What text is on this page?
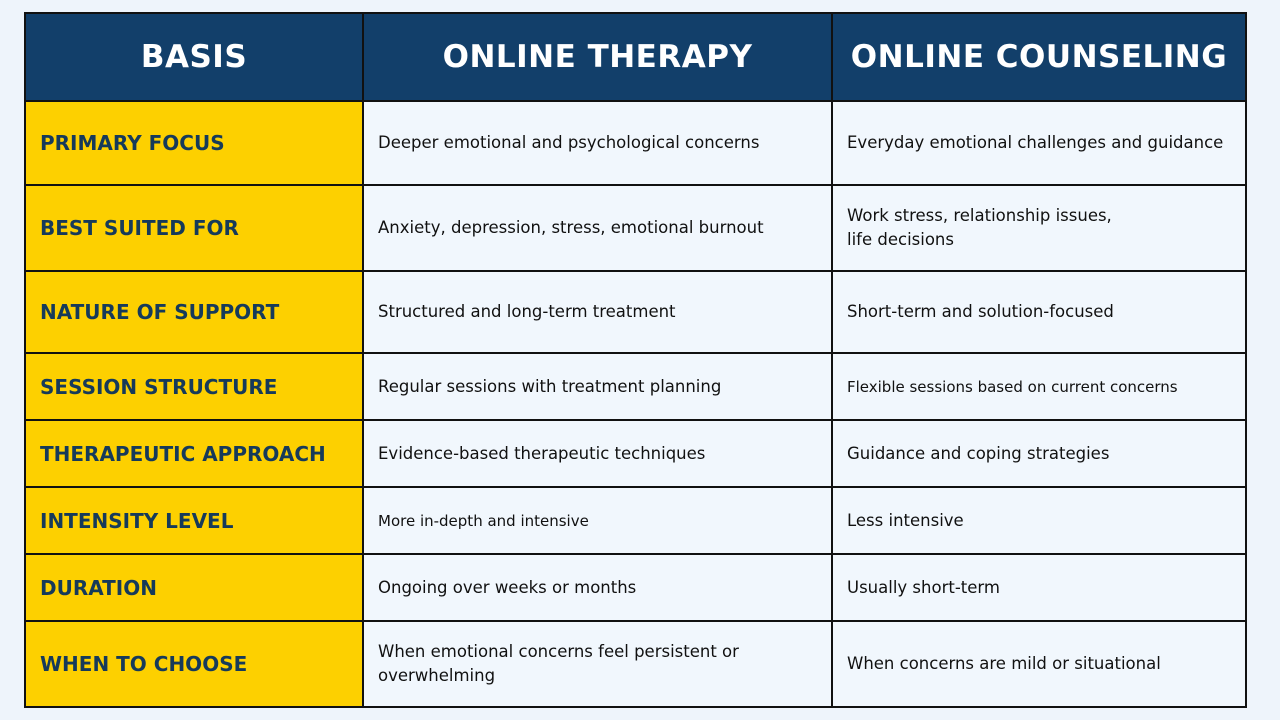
BASIS	ONLINE THERAPY	ONLINE COUNSELING
PRIMARY FOCUS	Deeper emotional and psychological concerns	Everyday emotional challenges and guidance
BEST SUITED FOR	Anxiety, depression, stress, emotional burnout	Work stress, relationship issues,
life decisions
NATURE OF SUPPORT	Structured and long-term treatment	Short-term and solution-focused
SESSION STRUCTURE	Regular sessions with treatment planning	Flexible sessions based on current concerns
THERAPEUTIC APPROACH	Evidence-based therapeutic techniques	Guidance and coping strategies
INTENSITY LEVEL	More in-depth and intensive	Less intensive
DURATION	Ongoing over weeks or months	Usually short-term
WHEN TO CHOOSE	When emotional concerns feel persistent or
overwhelming	When concerns are mild or situational
